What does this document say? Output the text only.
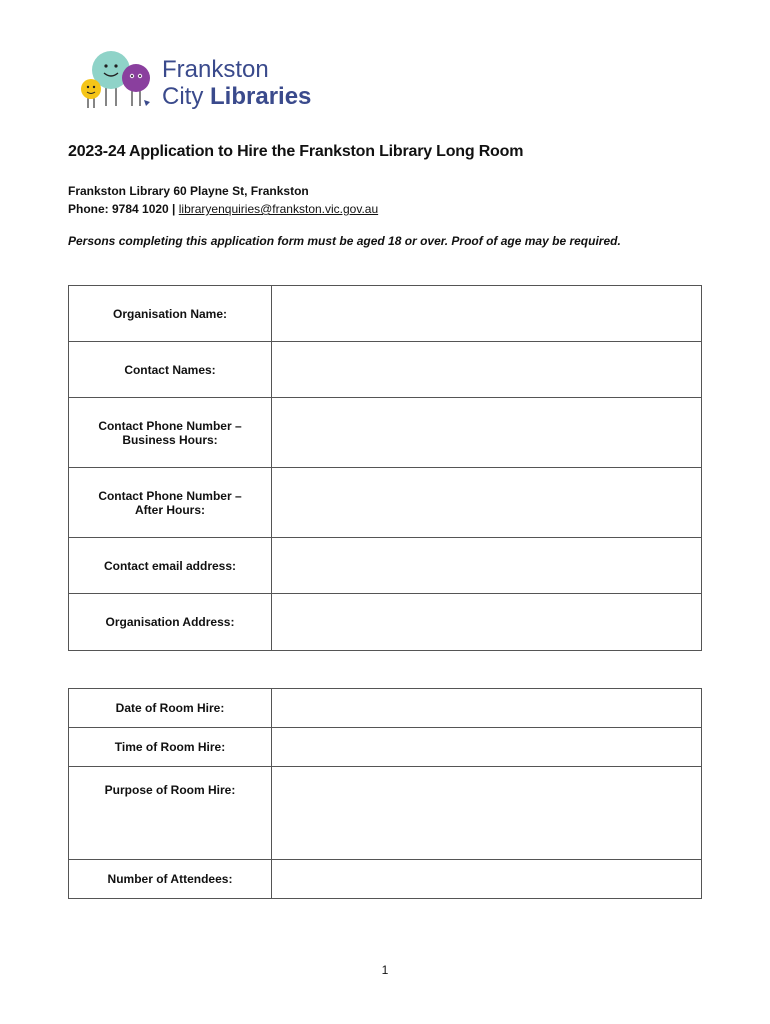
Frankston
City Libraries
2023-24 Application to Hire the Frankston Library Long Room
Frankston Library 60 Playne St, Frankston
Phone: 9784 1020 | libraryenquiries@frankston.vic.gov.au
Persons completing this application form must be aged 18 or over. Proof of age may be required.
Organisation Name:	

Contact Names:	

Contact Phone Number –
Business Hours:	

Contact Phone Number –
After Hours:	

Contact email address:	

Organisation Address:	

Date of Room Hire:	
Time of Room Hire:	
Purpose of Room Hire:	
Number of Attendees:	
1
